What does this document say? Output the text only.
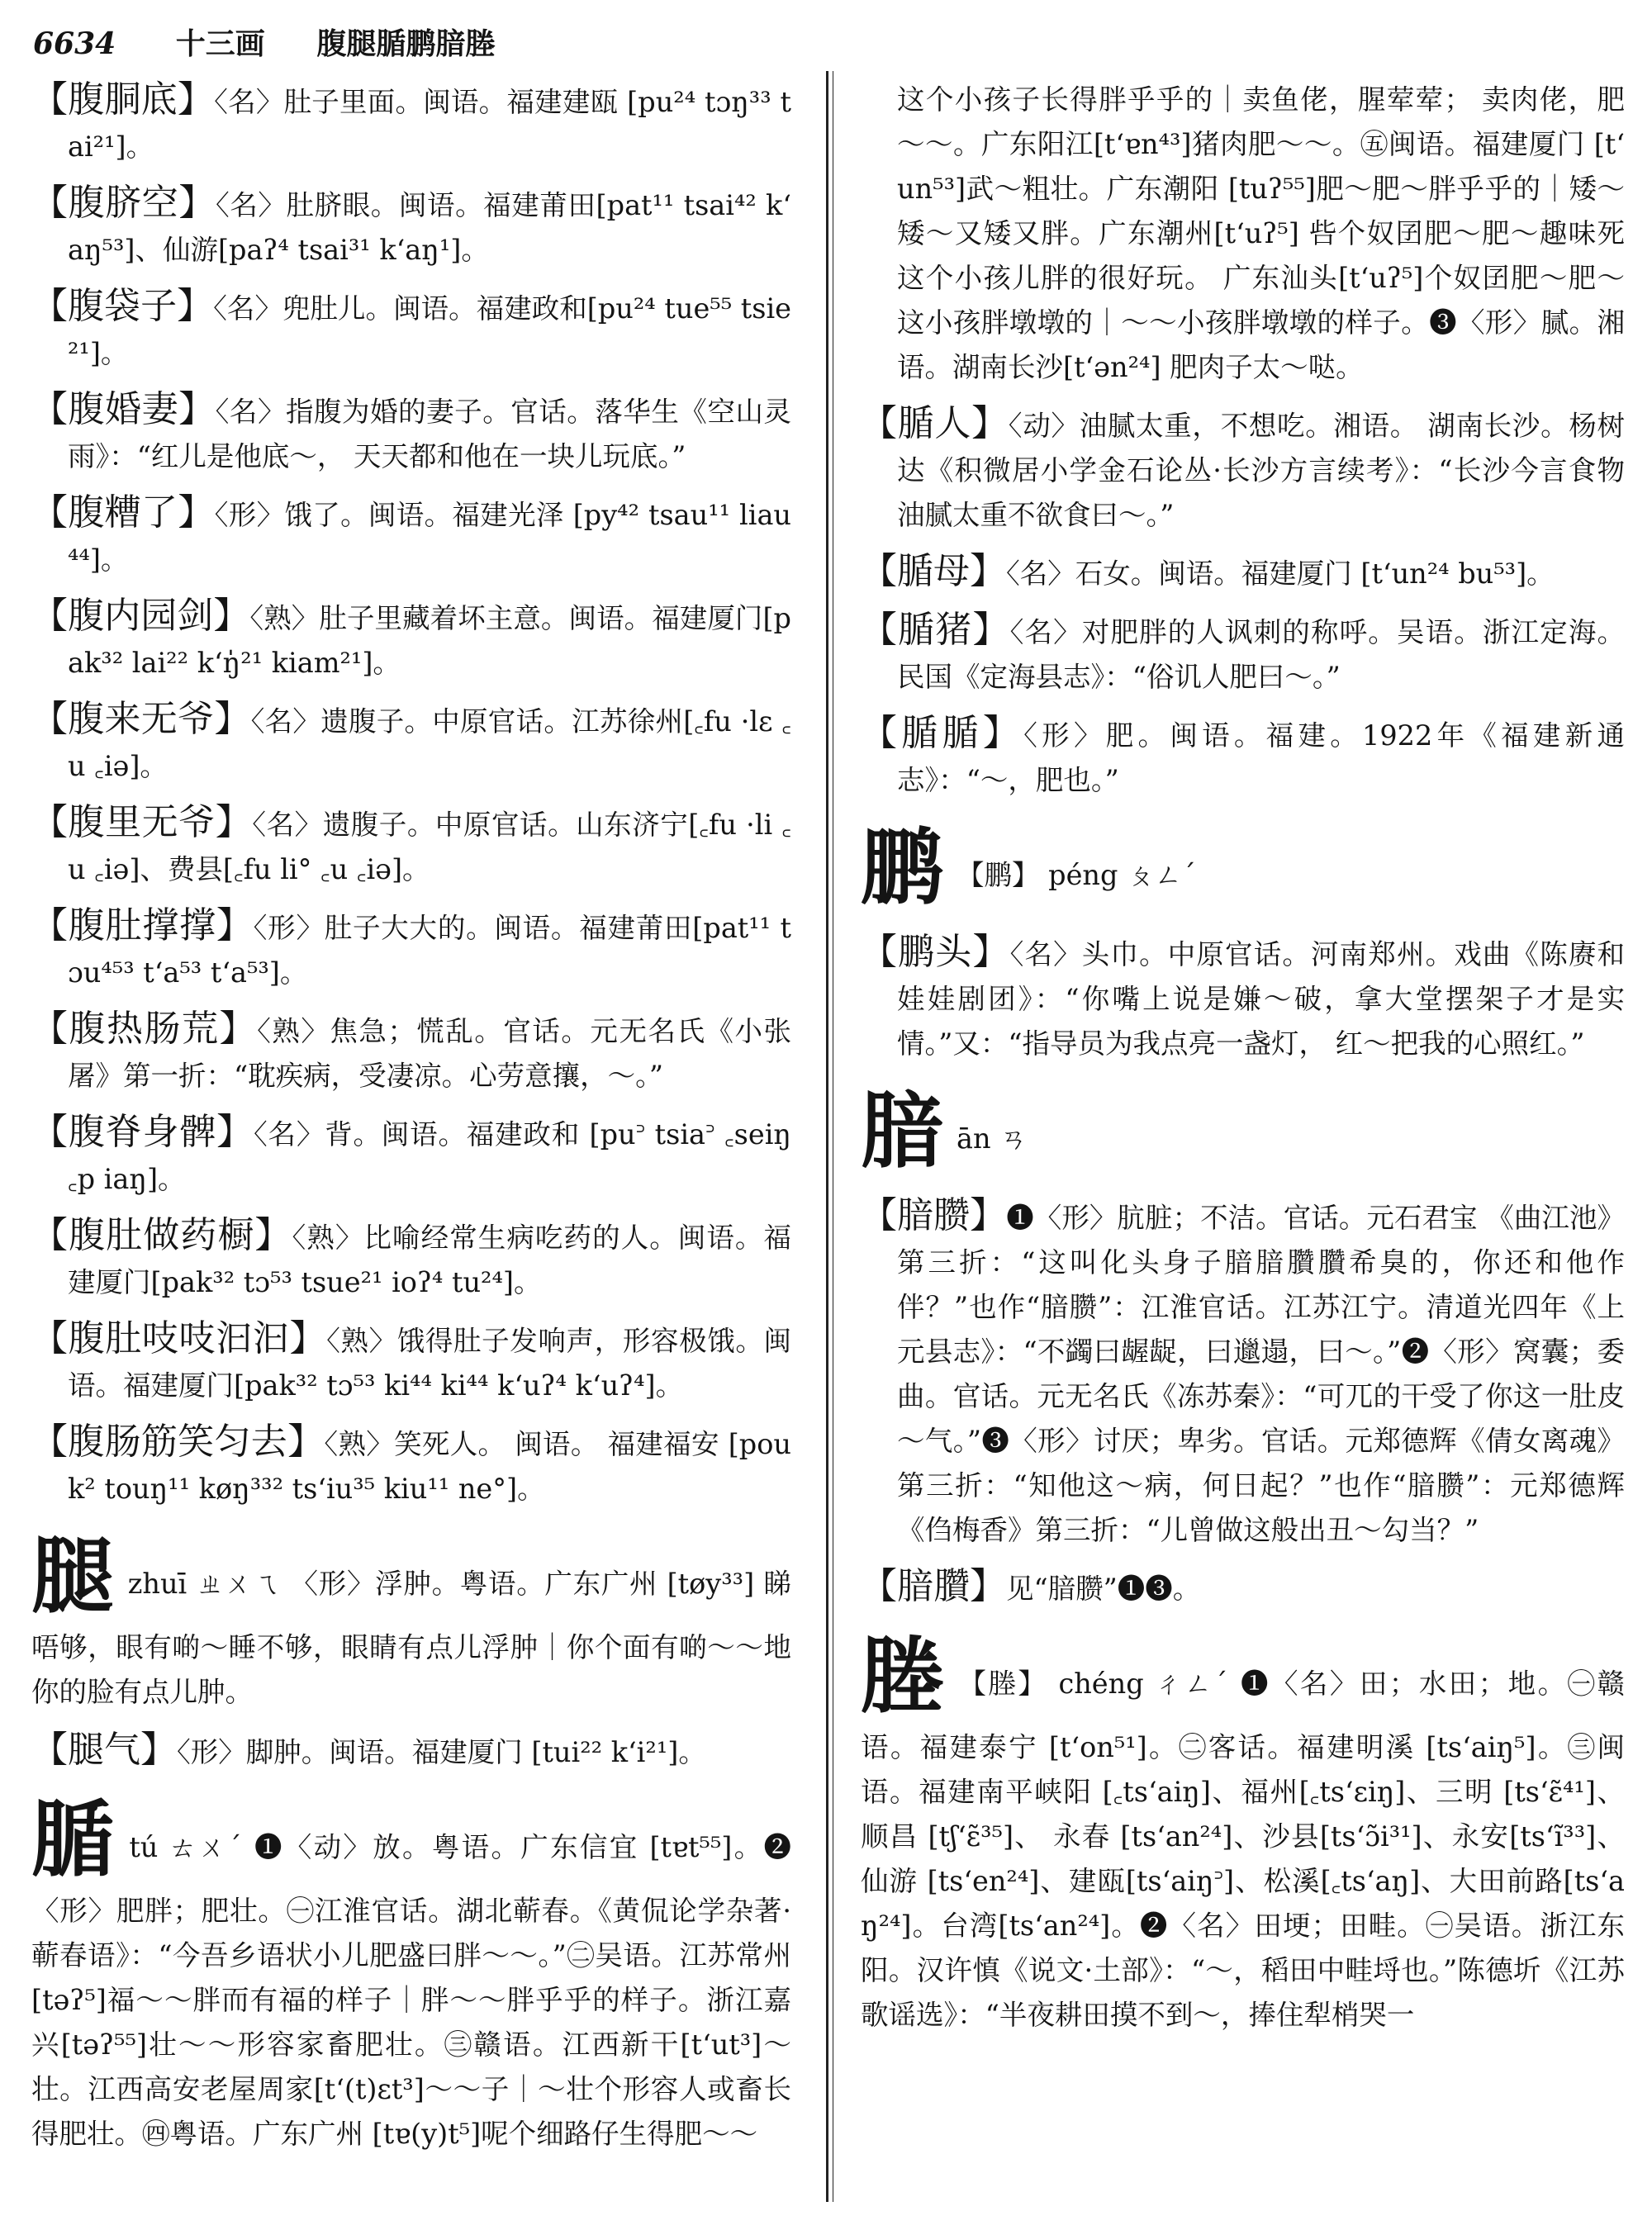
6634 十三画 腹腿腯鹏腤塍
【腹胴底】〈名〉肚子里面。闽语。福建建瓯 [pu²⁴ tɔŋ³³ tai²¹]。
【腹脐空】〈名〉肚脐眼。闽语。福建莆田[pat¹¹ tsai⁴² kʻaŋ⁵³]、仙游[paʔ⁴ tsai³¹ kʻaŋ¹]。
【腹袋子】〈名〉兜肚儿。闽语。福建政和[pu²⁴ tue⁵⁵ tsie²¹]。
【腹婚妻】〈名〉指腹为婚的妻子。官话。落华生《空山灵雨》：“红儿是他底～， 天天都和他在一块儿玩底。”
【腹糟了】〈形〉饿了。闽语。福建光泽 [py⁴² tsau¹¹ liau⁴⁴]。
【腹内园剑】〈熟〉肚子里藏着坏主意。闽语。福建厦门[pak³² lai²² kʻŋ̍²¹ kiam²¹]。
【腹来无爷】〈名〉遗腹子。中原官话。江苏徐州[꜀fu ·lɛ ꜀u ꜀iə]。
【腹里无爷】〈名〉遗腹子。中原官话。山东济宁[꜀fu ·li ꜀u ꜀iə]、费县[꜀fu li° ꜀u ꜀iə]。
【腹肚撑撑】〈形〉肚子大大的。闽语。福建莆田[pat¹¹ tɔu⁴⁵³ tʻa⁵³ tʻa⁵³]。
【腹热肠荒】〈熟〉焦急；慌乱。官话。元无名氏《小张屠》第一折：“耽疾病，受凄凉。心劳意攘，～。”
【腹脊身髀】〈名〉背。闽语。福建政和 [pu꜄ tsia꜄ ꜀seiŋ ꜀p iaŋ]。
【腹肚做药橱】〈熟〉比喻经常生病吃药的人。闽语。福建厦门[pak³² tɔ⁵³ tsue²¹ ioʔ⁴ tu²⁴]。
【腹肚吱吱汩汩】〈熟〉饿得肚子发响声，形容极饿。闽语。福建厦门[pak³² tɔ⁵³ ki⁴⁴ ki⁴⁴ kʻuʔ⁴ kʻuʔ⁴]。
【腹肠筋笑匀去】〈熟〉笑死人。 闽语。 福建福安 [pouk² touŋ¹¹ køŋ³³² tsʻiu³⁵ kiu¹¹ ne°]。
腿zhuī ㄓㄨㄟ 〈形〉浮肿。粤语。广东广州 [tøy³³] 睇唔够，眼有啲～睡不够，眼睛有点儿浮肿｜你个面有啲～～地你的脸有点儿肿。
【腿气】〈形〉脚肿。闽语。福建厦门 [tui²² kʻi²¹]。
腯tú ㄊㄨˊ ❶〈动〉放。粤语。广东信宜 [tɐt⁵⁵]。❷〈形〉肥胖；肥壮。㊀江淮官话。湖北蕲春。《黄侃论学杂著·蕲春语》：“今吾乡语状小儿肥盛曰胖～～。”㊁吴语。江苏常州[təʔ⁵]福～～胖而有福的样子｜胖～～胖乎乎的样子。浙江嘉兴[təʔ⁵⁵]壮～～形容家畜肥壮。㊂赣语。江西新干[tʻut³]～壮。江西高安老屋周家[tʻ(t)ɛt³]～～子｜～壮个形容人或畜长得肥壮。㊃粤语。广东广州 [tɐ(y)t⁵]呢个细路仔生得肥～～
这个小孩子长得胖乎乎的｜卖鱼佬，腥荤荤； 卖肉佬，肥～～。广东阳江[tʻɐn⁴³]猪肉肥～～。㊄闽语。福建厦门 [tʻun⁵³]武～粗壮。广东潮阳 [tuʔ⁵⁵]肥～肥～胖乎乎的｜矮～矮～又矮又胖。广东潮州[tʻuʔ⁵] 呰个奴囝肥～肥～趣味死这个小孩儿胖的很好玩。 广东汕头[tʻuʔ⁵]个奴囝肥～肥～这小孩胖墩墩的｜～～小孩胖墩墩的样子。❸〈形〉腻。湘语。湖南长沙[tʻən²⁴] 肥肉子太～哒。
【腯人】〈动〉油腻太重，不想吃。湘语。 湖南长沙。杨树达《积微居小学金石论丛·长沙方言续考》：“长沙今言食物油腻太重不欲食曰～。”
【腯母】〈名〉石女。闽语。福建厦门 [tʻun²⁴ bu⁵³]。
【腯猪】〈名〉对肥胖的人讽刺的称呼。吴语。浙江定海。民国《定海县志》：“俗讥人肥曰～。”
【腯腯】〈形〉肥。闽语。福建。1922年《福建新通志》：“～，肥也。”
鹏 【鹏】 péng ㄆㄥˊ
【鹏头】〈名〉头巾。中原官话。河南郑州。戏曲《陈赓和娃娃剧团》：“你嘴上说是嫌～破，拿大堂摆架子才是实情。”又：“指导员为我点亮一盏灯， 红～把我的心照红。”
腤ān ㄢ
【腤臜】❶〈形〉肮脏；不洁。官话。元石君宝 《曲江池》第三折：“这叫化头身子腤腤臢臢希臭的，你还和他作伴？”也作“腤臜”：江淮官话。江苏江宁。清道光四年《上元县志》：“不蠲曰龌龊，曰邋遢，曰～。”❷〈形〉窝囊；委曲。官话。元无名氏《冻苏秦》：“可兀的干受了你这一肚皮～气。”❸〈形〉讨厌；卑劣。官话。元郑德辉《倩女离魂》第三折：“知他这～病，何日起？”也作“腤臜”：元郑德辉《㑇梅香》第三折：“儿曾做这般出丑～勾当？”
【腤臢】见“腤臜”❶❸。
塍 【塍】 chéng ㄔㄥˊ ❶〈名〉田；水田；地。㊀赣语。福建泰宁 [tʻon⁵¹]。㊁客话。福建明溪 [tsʻaiŋ⁵]。㊂闽语。福建南平峡阳 [꜀tsʻaiŋ]、福州[꜀tsʻɛiŋ]、三明 [tsʻɛ̃⁴¹]、 顺昌 [tʃʻɛ̃³⁵]、 永春 [tsʻan²⁴]、沙县[tsʻɔ̃i³¹]、永安[tsʻĩ³³]、仙游 [tsʻen²⁴]、建瓯[tsʻaiŋ꜄]、松溪[꜀tsʻaŋ]、大田前路[tsʻaŋ²⁴]。台湾[tsʻan²⁴]。❷〈名〉田埂；田畦。㊀吴语。浙江东阳。汉许慎《说文·土部》：“～，稻田中畦埒也。”陈德圻《江苏歌谣选》：“半夜耕田摸不到～，捧住犁梢哭一
